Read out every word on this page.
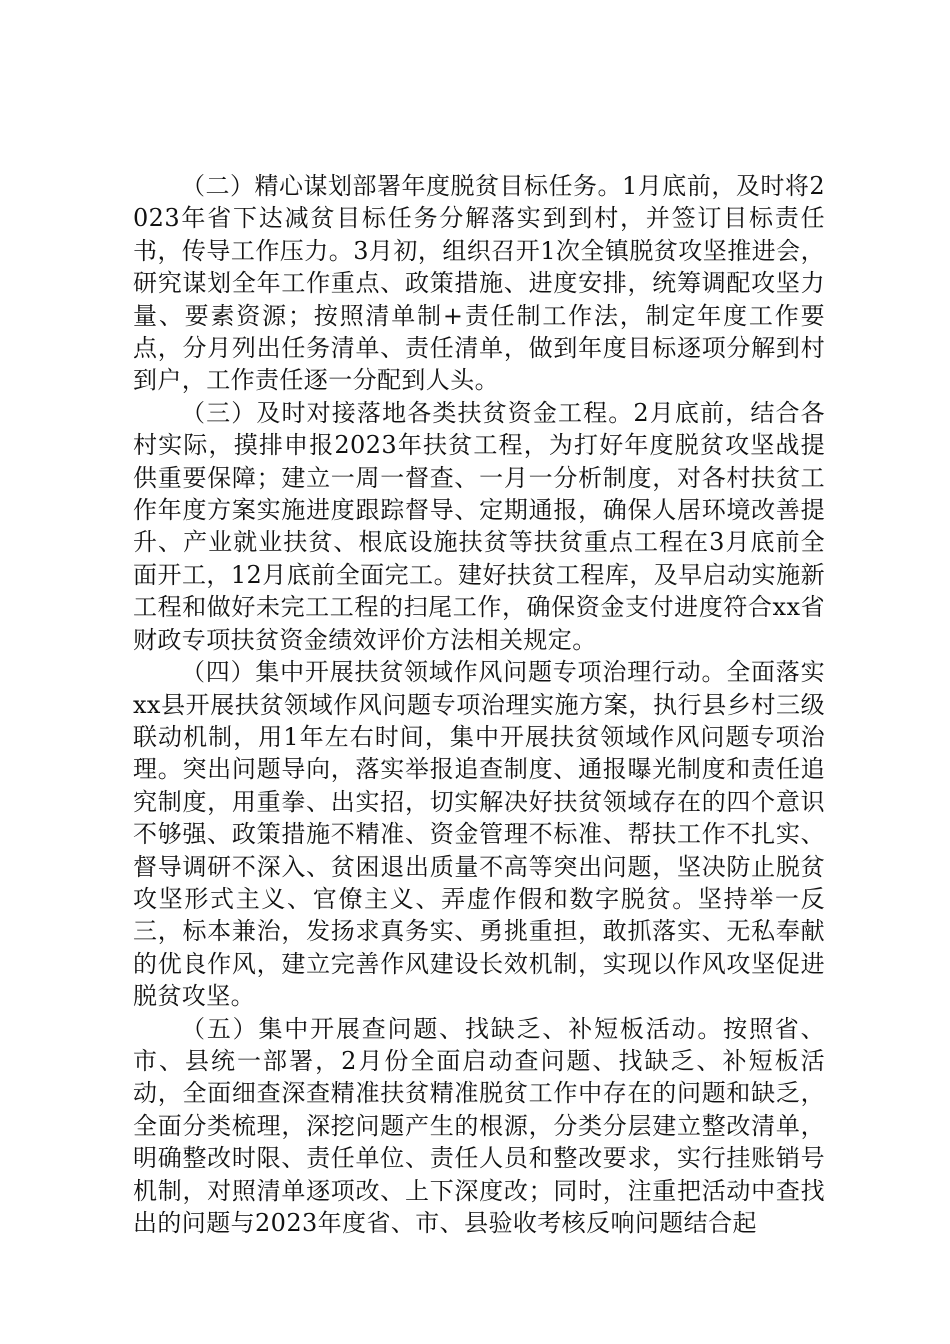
（二）精心谋划部署年度脱贫目标任务。1月底前，及时将2023年省下达减贫目标任务分解落实到到村，并签订目标责任书，传导工作压力。3月初，组织召开1次全镇脱贫攻坚推进会，研究谋划全年工作重点、政策措施、进度安排，统筹调配攻坚力量、要素资源；按照清单制+责任制工作法，制定年度工作要点，分月列出任务清单、责任清单，做到年度目标逐项分解到村到户，工作责任逐一分配到人头。

（三）及时对接落地各类扶贫资金工程。2月底前，结合各村实际，摸排申报2023年扶贫工程，为打好年度脱贫攻坚战提供重要保障；建立一周一督查、一月一分析制度，对各村扶贫工作年度方案实施进度跟踪督导、定期通报，确保人居环境改善提升、产业就业扶贫、根底设施扶贫等扶贫重点工程在3月底前全面开工，12月底前全面完工。建好扶贫工程库，及早启动实施新工程和做好未完工工程的扫尾工作，确保资金支付进度符合xx省财政专项扶贫资金绩效评价方法相关规定。

（四）集中开展扶贫领域作风问题专项治理行动。全面落实xx县开展扶贫领域作风问题专项治理实施方案，执行县乡村三级联动机制，用1年左右时间，集中开展扶贫领域作风问题专项治理。突出问题导向，落实举报追查制度、通报曝光制度和责任追究制度，用重拳、出实招，切实解决好扶贫领域存在的四个意识不够强、政策措施不精准、资金管理不标准、帮扶工作不扎实、督导调研不深入、贫困退出质量不高等突出问题，坚决防止脱贫攻坚形式主义、官僚主义、弄虚作假和数字脱贫。坚持举一反三，标本兼治，发扬求真务实、勇挑重担，敢抓落实、无私奉献的优良作风，建立完善作风建设长效机制，实现以作风攻坚促进脱贫攻坚。

（五）集中开展查问题、找缺乏、补短板活动。按照省、市、县统一部署，2月份全面启动查问题、找缺乏、补短板活动，全面细查深查精准扶贫精准脱贫工作中存在的问题和缺乏，全面分类梳理，深挖问题产生的根源，分类分层建立整改清单，明确整改时限、责任单位、责任人员和整改要求，实行挂账销号机制，对照清单逐项改、上下深度改；同时，注重把活动中查找出的问题与2023年度省、市、县验收考核反响问题结合起
